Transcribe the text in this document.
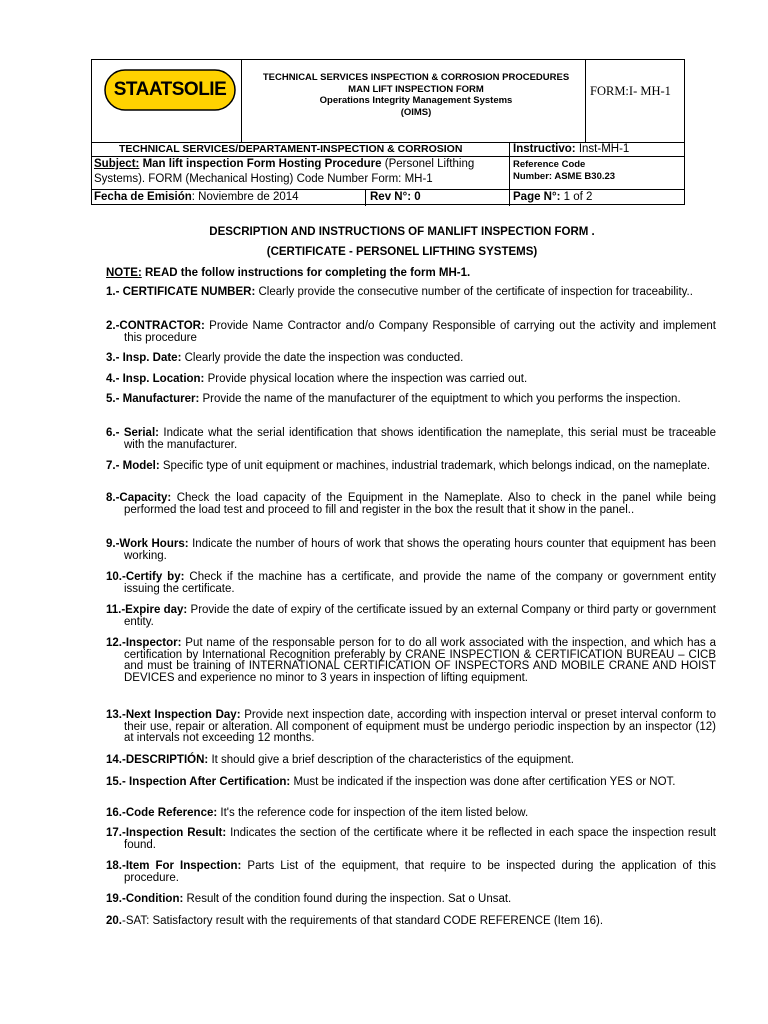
STAATSOLIE
TECHNICAL SERVICES INSPECTION & CORROSION PROCEDURES
MAN LIFT INSPECTION FORM
Operations Integrity Management Systems
(OIMS)
FORM:I- MH-1
TECHNICAL SERVICES/DEPARTAMENT-INSPECTION & CORROSION	Instructivo: Inst-MH-1
Subject: Man lift inspection Form Hosting Procedure (Personel Lifthing
Systems). FORM (Mechanical Hosting) Code Number Form: MH-1
Reference Code
Number: ASME B30.23
Fecha de Emisión: Noviembre de 2014	Rev N°: 0	Page N°: 1 of 2
DESCRIPTION AND INSTRUCTIONS OF MANLIFT INSPECTION FORM .
(CERTIFICATE - PERSONEL LIFTHING SYSTEMS)
NOTE: READ the follow instructions for completing the form MH-1.
1.- CERTIFICATE NUMBER: Clearly provide the consecutive number of the certificate of inspection for traceability..
2.-CONTRACTOR: Provide Name Contractor and/o Company Responsible of carrying out the activity and implement this procedure
3.- Insp. Date: Clearly provide the date the inspection was conducted.
4.- Insp. Location: Provide physical location where the inspection was carried out.
5.- Manufacturer: Provide the name of the manufacturer of the equiptment to which you performs the inspection.
6.- Serial: Indicate what the serial identification that shows identification the nameplate, this serial must be traceable with the manufacturer.
7.- Model: Specific type of unit equipment or machines, industrial trademark, which belongs indicad, on the nameplate.
8.-Capacity: Check the load capacity of the Equipment in the Nameplate. Also to check in the panel while being performed the load test and proceed to fill and register in the box the result that it show in the panel..
9.-Work Hours: Indicate the number of hours of work that shows the operating hours counter that equipment has been working.
10.-Certify by: Check if the machine has a certificate, and provide the name of the company or government entity issuing the certificate.
11.-Expire day: Provide the date of expiry of the certificate issued by an external Company or third party or government entity.
12.-Inspector: Put name of the responsable person for to do all work associated with the inspection, and which has a certification by International Recognition preferably by CRANE INSPECTION & CERTIFICATION BUREAU – CICB and must be training of INTERNATIONAL CERTIFICATION OF INSPECTORS AND MOBILE CRANE AND HOIST DEVICES and experience no minor to 3 years in inspection of lifting equipment.
13.-Next Inspection Day: Provide next inspection date, according with inspection interval or preset interval conform to their use, repair or alteration. All component of equipment must be undergo periodic inspection by an inspector (12) at intervals not exceeding 12 months.
14.-DESCRIPTIÓN: It should give a brief description of the characteristics of the equipment.
15.- Inspection After Certification: Must be indicated if the inspection was done after certification YES or NOT.
16.-Code Reference: It's the reference code for inspection of the item listed below.
17.-Inspection Result: Indicates the section of the certificate where it be reflected in each space the inspection result found.
18.-Item For Inspection: Parts List of the equipment, that require to be inspected during the application of this procedure.
19.-Condition: Result of the condition found during the inspection. Sat o Unsat.
20.-SAT: Satisfactory result with the requirements of that standard CODE REFERENCE (Item 16).
